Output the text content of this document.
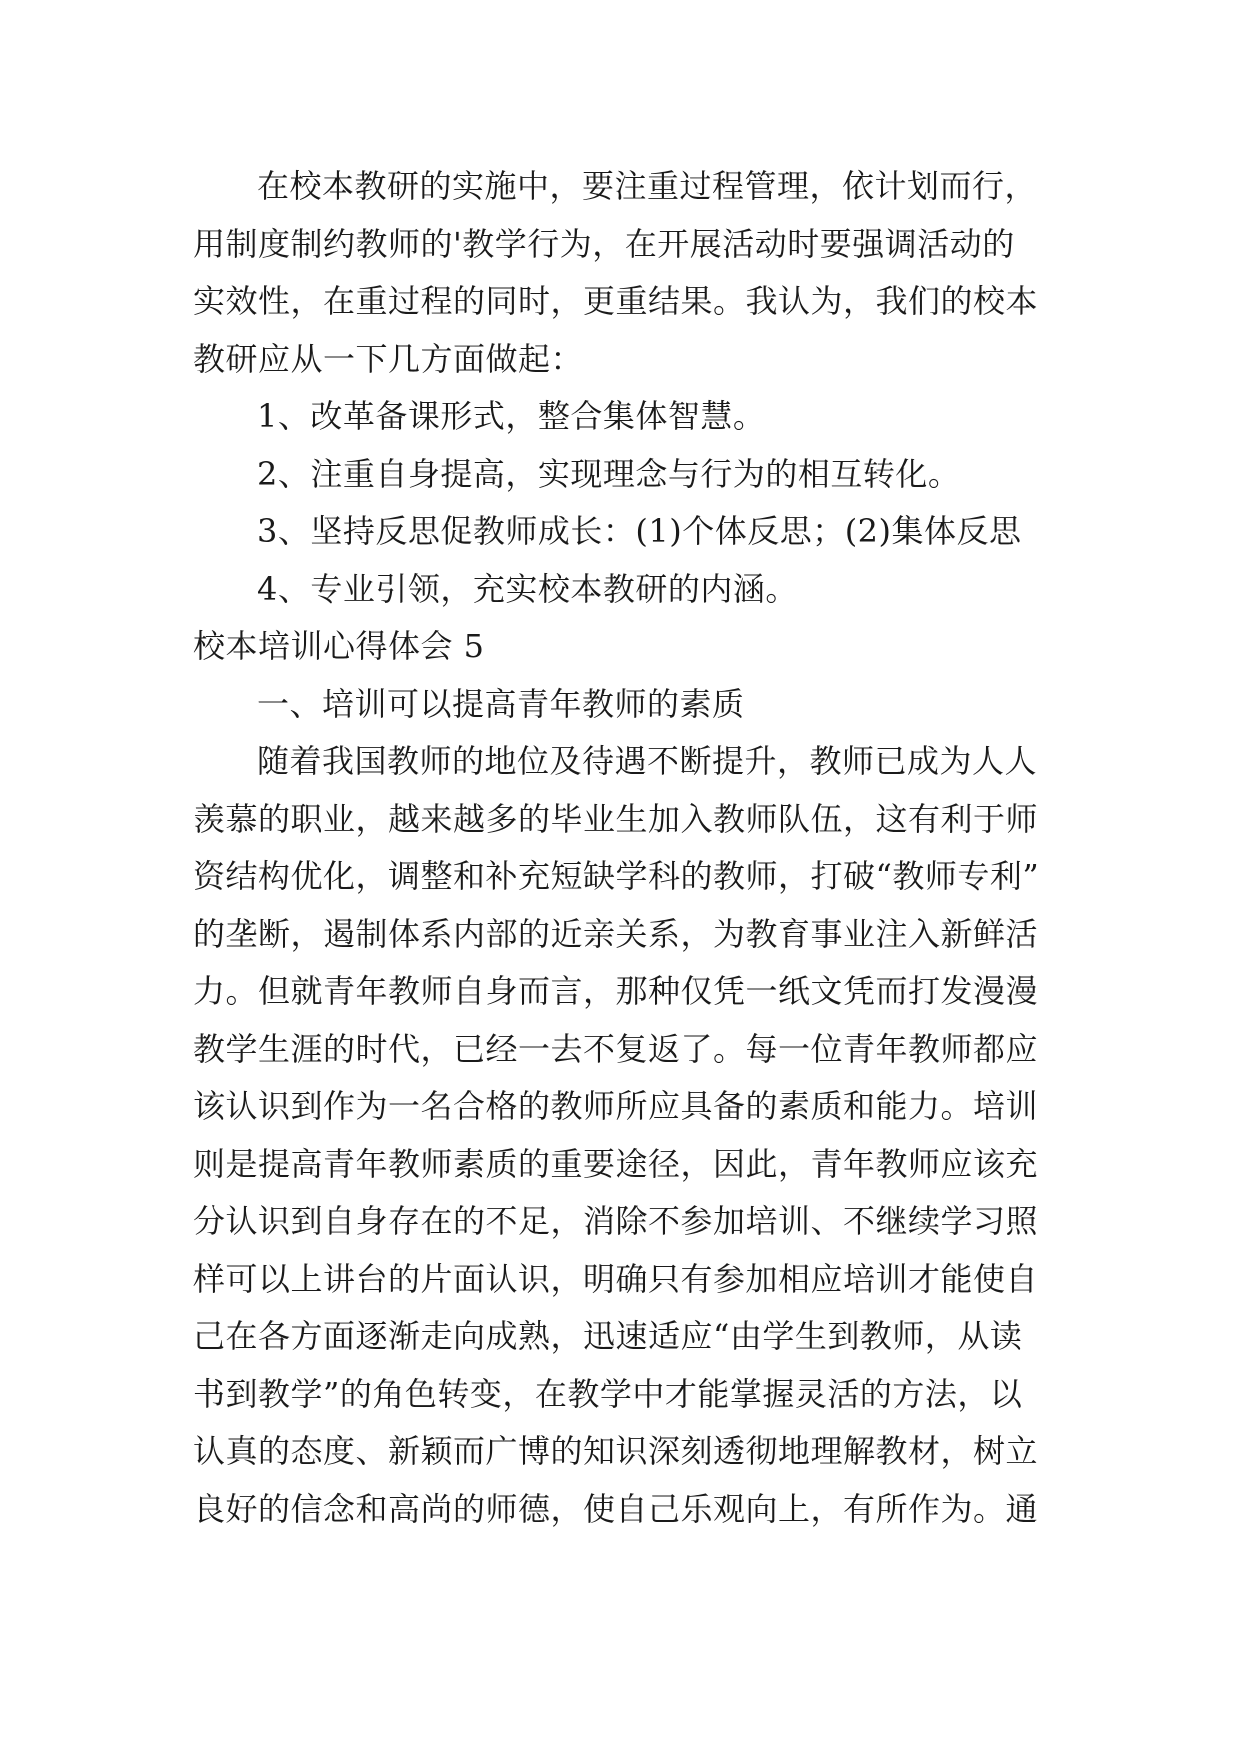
在校本教研的实施中，要注重过程管理，依计划而行，
用制度制约教师的'教学行为，在开展活动时要强调活动的
实效性，在重过程的同时，更重结果。我认为，我们的校本
教研应从一下几方面做起：
1、改革备课形式，整合集体智慧。
2、注重自身提高，实现理念与行为的相互转化。
3、坚持反思促教师成长：(1)个体反思；(2)集体反思
4、专业引领，充实校本教研的内涵。
校本培训心得体会 5
一、培训可以提高青年教师的素质
随着我国教师的地位及待遇不断提升，教师已成为人人
羡慕的职业，越来越多的毕业生加入教师队伍，这有利于师
资结构优化，调整和补充短缺学科的教师，打破“教师专利”
的垄断，遏制体系内部的近亲关系，为教育事业注入新鲜活
力。但就青年教师自身而言，那种仅凭一纸文凭而打发漫漫
教学生涯的时代，已经一去不复返了。每一位青年教师都应
该认识到作为一名合格的教师所应具备的素质和能力。培训
则是提高青年教师素质的重要途径，因此，青年教师应该充
分认识到自身存在的不足，消除不参加培训、不继续学习照
样可以上讲台的片面认识，明确只有参加相应培训才能使自
己在各方面逐渐走向成熟，迅速适应“由学生到教师，从读
书到教学”的角色转变，在教学中才能掌握灵活的方法，以
认真的态度、新颖而广博的知识深刻透彻地理解教材，树立
良好的信念和高尚的师德，使自己乐观向上，有所作为。通
